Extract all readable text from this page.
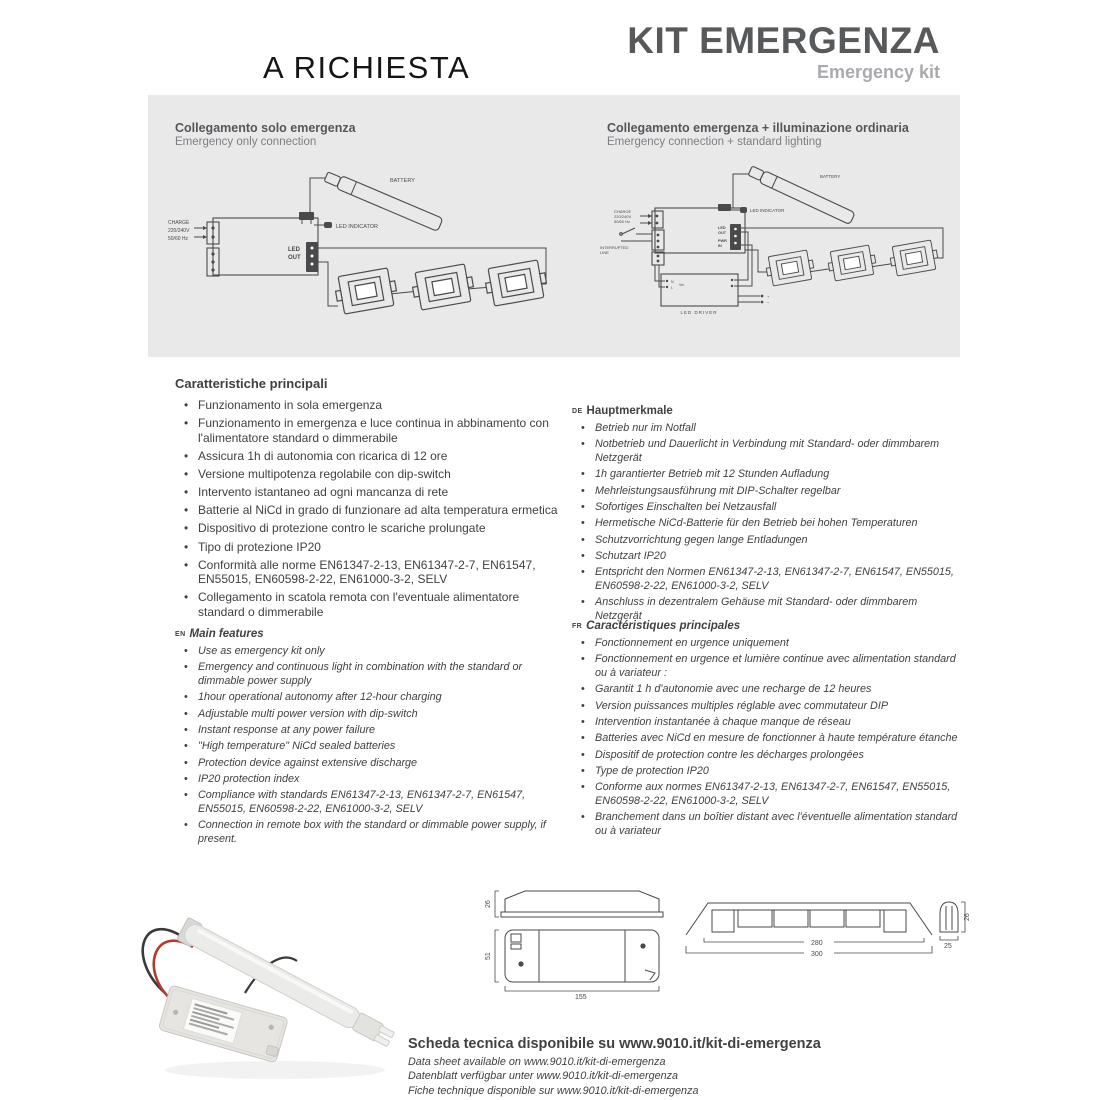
A RICHIESTA
KIT EMERGENZA
Emergency kit
Collegamento solo emergenza
Emergency only connection
Collegamento emergenza + illuminazione ordinaria
Emergency connection + standard lighting
BATTERY
CHARGE
220/240V
50/60 Hz
LED INDICATOR
LED
OUT
BATTERY
CHARGE
220/240V
50/60 Hz
INTERRUPTED
LINE
LED INDICATOR
LED
OUT
PWR
IN
LED DRIVER
N
L
Vin
+
−
Caratteristiche principali
• Funzionamento in sola emergenza
• Funzionamento in emergenza e luce continua in abbinamento con l'alimentatore standard o dimmerabile
• Assicura 1h di autonomia con ricarica di 12 ore
• Versione multipotenza regolabile con dip-switch
• Intervento istantaneo ad ogni mancanza di rete
• Batterie al NiCd in grado di funzionare ad alta temperatura ermetica
• Dispositivo di protezione contro le scariche prolungate
• Tipo di protezione IP20
• Conformità alle norme EN61347-2-13, EN61347-2-7, EN61547, EN55015, EN60598-2-22, EN61000-3-2, SELV
• Collegamento in scatola remota con l'eventuale alimentatore standard o dimmerabile
DE Hauptmerkmale
• Betrieb nur im Notfall
• Notbetrieb und Dauerlicht in Verbindung mit Standard- oder dimmbarem Netzgerät
• 1h garantierter Betrieb mit 12 Stunden Aufladung
• Mehrleistungsausführung mit DIP-Schalter regelbar
• Sofortiges Einschalten bei Netzausfall
• Hermetische NiCd-Batterie für den Betrieb bei hohen Temperaturen
• Schutzvorrichtung gegen lange Entladungen
• Schutzart IP20
• Entspricht den Normen EN61347-2-13, EN61347-2-7, EN61547, EN55015, EN60598-2-22, EN61000-3-2, SELV
• Anschluss in dezentralem Gehäuse mit Standard- oder dimmbarem Netzgerät
EN Main features
• Use as emergency kit only
• Emergency and continuous light in combination with the standard or dimmable power supply
• 1hour operational autonomy after 12-hour charging
• Adjustable multi power version with dip-switch
• Instant response at any power failure
• "High temperature" NiCd sealed batteries
• Protection device against extensive discharge
• IP20 protection index
• Compliance with standards EN61347-2-13, EN61347-2-7, EN61547, EN55015, EN60598-2-22, EN61000-3-2, SELV
• Connection in remote box with the standard or dimmable power supply, if present.
FR Caractéristiques principales
• Fonctionnement en urgence uniquement
• Fonctionnement en urgence et lumière continue avec alimentation standard ou à variateur :
• Garantit 1 h d'autonomie avec une recharge de 12 heures
• Version puissances multiples réglable avec commutateur DIP
• Intervention instantanée à chaque manque de réseau
• Batteries avec NiCd en mesure de fonctionner à haute température étanche
• Dispositif de protection contre les décharges prolongées
• Type de protection IP20
• Conforme aux normes EN61347-2-13, EN61347-2-7, EN61547, EN55015, EN60598-2-22, EN61000-3-2, SELV
• Branchement dans un boîtier distant avec l'éventuelle alimentation standard ou à variateur
26
51
155
280
300
25
26

Scheda tecnica disponibile su www.9010.it/kit-di-emergenza

Data sheet available on www.9010.it/kit-di-emergenza

Datenblatt verfügbar unter www.9010.it/kit-di-emergenza

Fiche technique disponible sur www.9010.it/kit-di-emergenza
